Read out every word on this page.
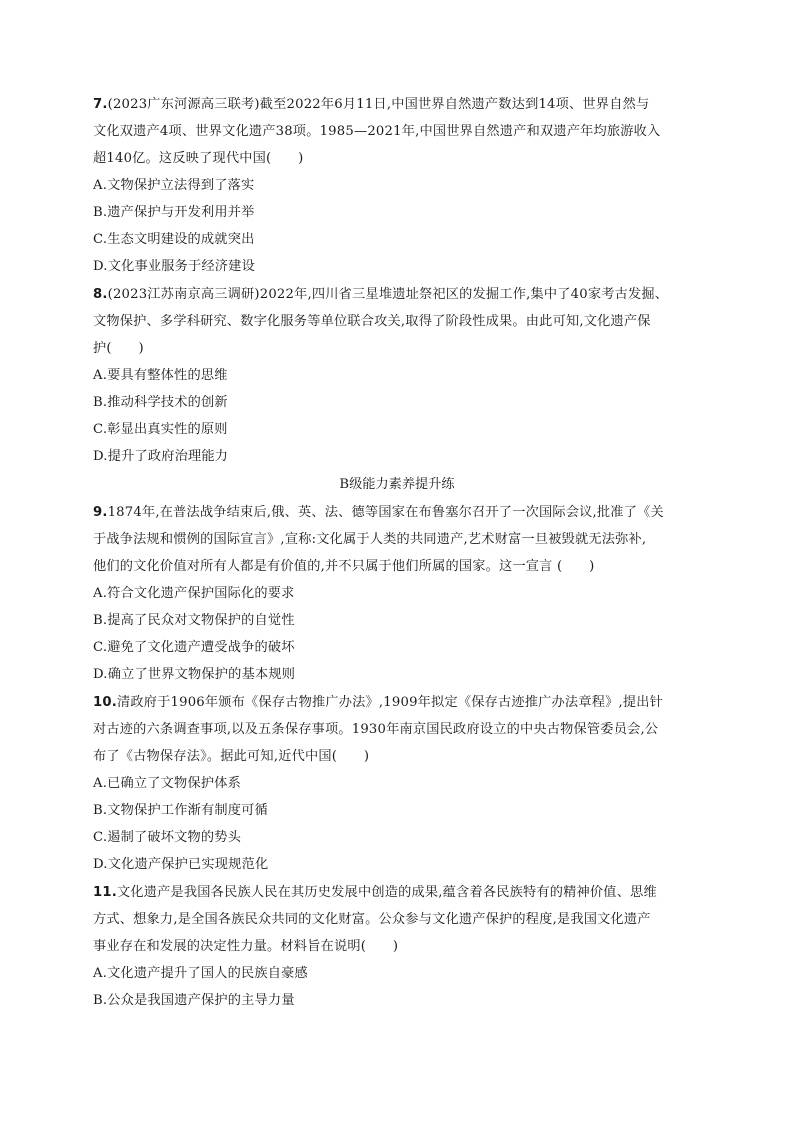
7.(2023广东河源高三联考)截至2022年6月11日,中国世界自然遗产数达到14项、世界自然与
文化双遗产4项、世界文化遗产38项。1985—2021年,中国世界自然遗产和双遗产年均旅游收入
超140亿。这反映了现代中国(　　)
A.文物保护立法得到了落实
B.遗产保护与开发利用并举
C.生态文明建设的成就突出
D.文化事业服务于经济建设
8.(2023江苏南京高三调研)2022年,四川省三星堆遗址祭祀区的发掘工作,集中了40家考古发掘、
文物保护、多学科研究、数字化服务等单位联合攻关,取得了阶段性成果。由此可知,文化遗产保
护(　　)
A.要具有整体性的思维
B.推动科学技术的创新
C.彰显出真实性的原则
D.提升了政府治理能力
B级能力素养提升练
9.1874年,在普法战争结束后,俄、英、法、德等国家在布鲁塞尔召开了一次国际会议,批准了《关
于战争法规和惯例的国际宣言》,宣称:文化属于人类的共同遗产,艺术财富一旦被毁就无法弥补,
他们的文化价值对所有人都是有价值的,并不只属于他们所属的国家。这一宣言 (　　)
A.符合文化遗产保护国际化的要求
B.提高了民众对文物保护的自觉性
C.避免了文化遗产遭受战争的破坏
D.确立了世界文物保护的基本规则
10.清政府于1906年颁布《保存古物推广办法》,1909年拟定《保存古迹推广办法章程》,提出针
对古迹的六条调查事项,以及五条保存事项。1930年南京国民政府设立的中央古物保管委员会,公
布了《古物保存法》。据此可知,近代中国(　　)
A.已确立了文物保护体系
B.文物保护工作渐有制度可循
C.遏制了破坏文物的势头
D.文化遗产保护已实现规范化
11.文化遗产是我国各民族人民在其历史发展中创造的成果,蕴含着各民族特有的精神价值、思维
方式、想象力,是全国各族民众共同的文化财富。公众参与文化遗产保护的程度,是我国文化遗产
事业存在和发展的决定性力量。材料旨在说明(　　)
A.文化遗产提升了国人的民族自豪感
B.公众是我国遗产保护的主导力量
